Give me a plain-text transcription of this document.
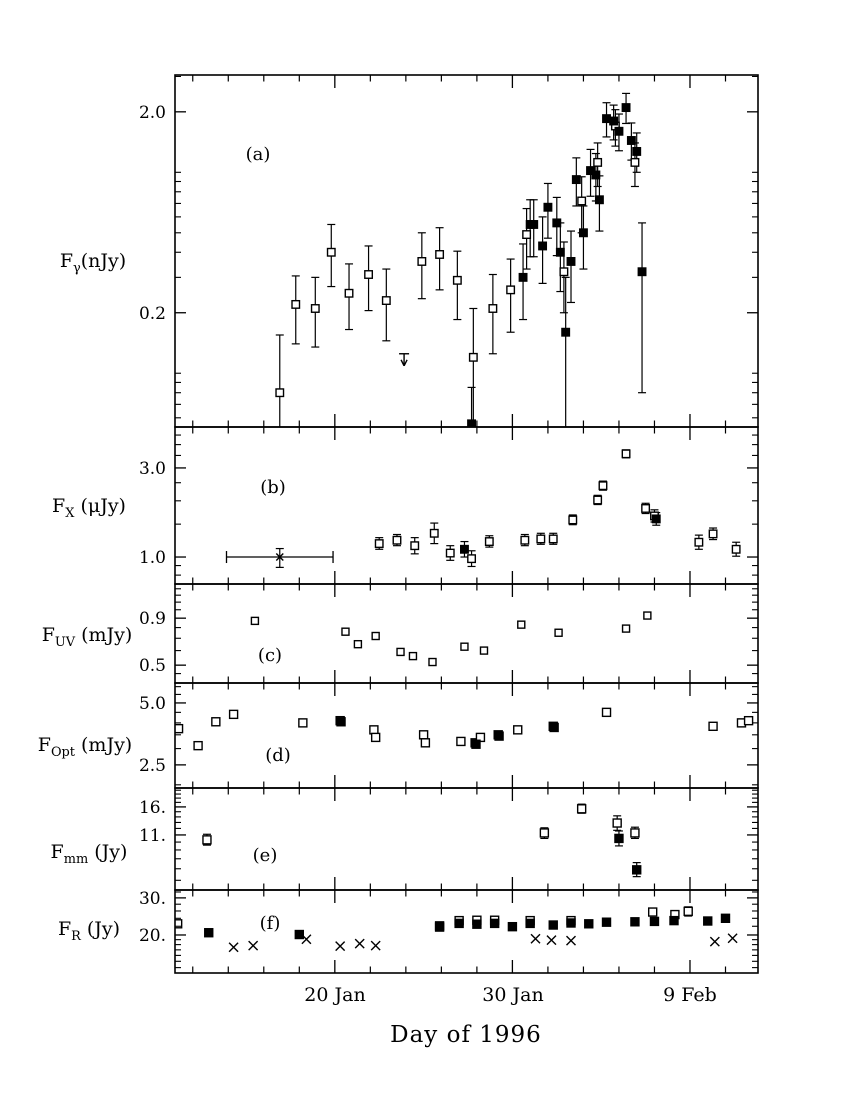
$F_\gamma(nJy)$
$F_X$ (μJy)
$F_{UV}$ (mJy)
$F_{Opt}$ (mJy)
$F_{mm}$ (Jy)
$F_R$ (Jy)
2.0
0.2
3.0
1.0
0.9
0.5
5.0
2.5
16.
11.
30.
20.
(a)
(b)
(c)
(d)
(e)
(f)
20 Jan	30 Jan	9 Feb
Day of 1996
